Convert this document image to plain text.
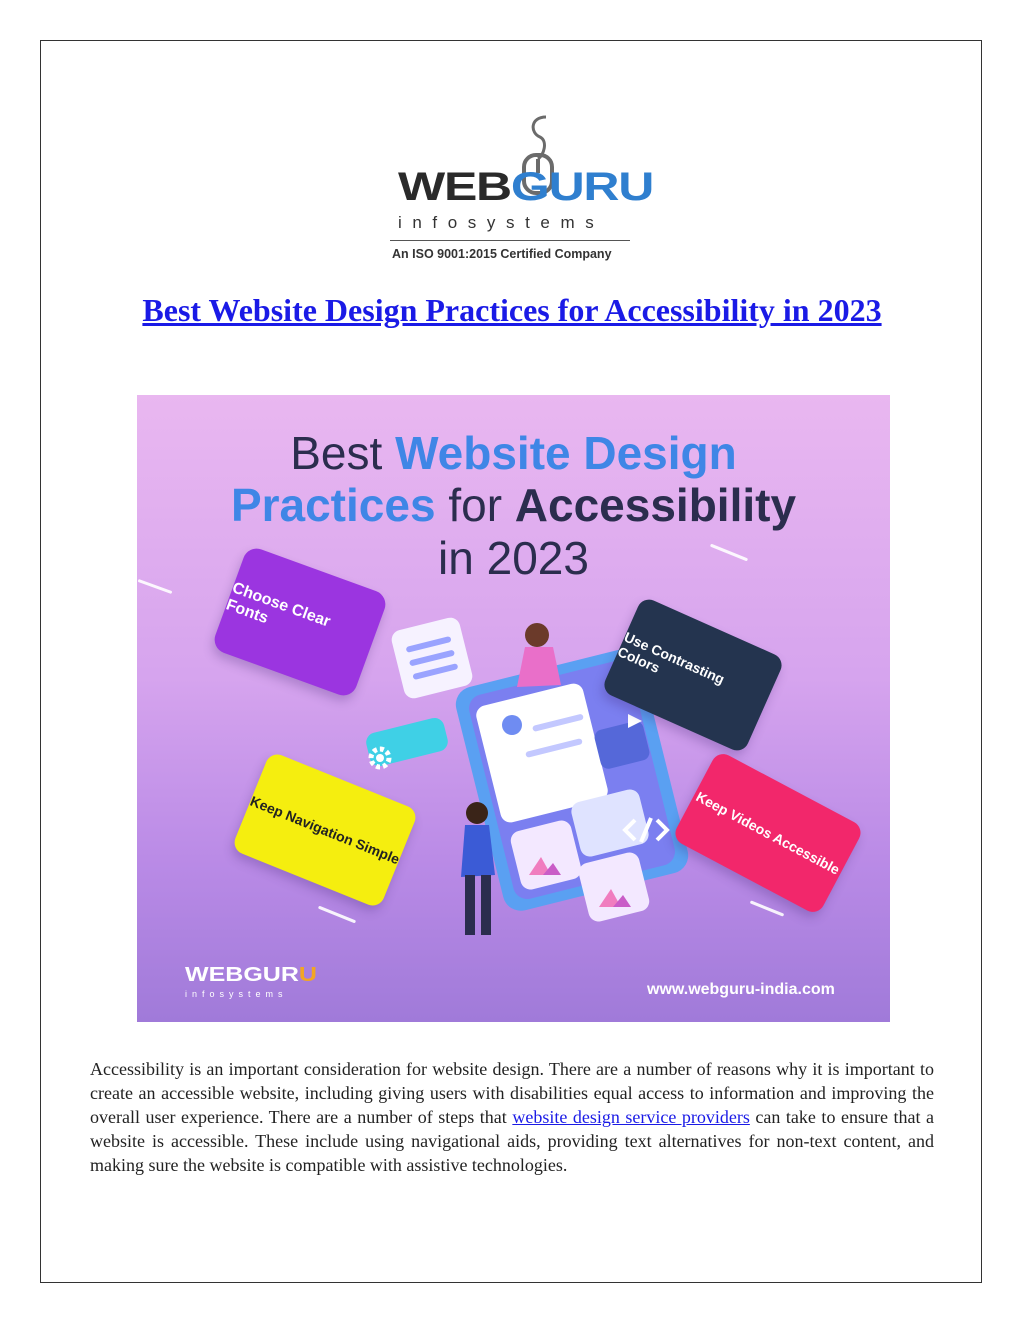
WEBGURU
infosystems
An ISO 9001:2015 Certified Company
Best Website Design Practices for Accessibility in 2023
Best Website Design
Practices for Accessibility
in 2023
Choose Clear Fonts
Use Contrasting Colors
Keep Navigation Simple	Keep Videos Accessible
WEBGURU
infosystems	www.webguru-india.com

Accessibility is an important consideration for website design. There are a number of reasons why it is important to create an accessible website, including giving users with disabilities equal access to information and improving the overall user experience. There are a number of steps that website design service providers can take to ensure that a website is accessible. These include using navigational aids, providing text alternatives for non-text content, and making sure the website is compatible with assistive technologies.
